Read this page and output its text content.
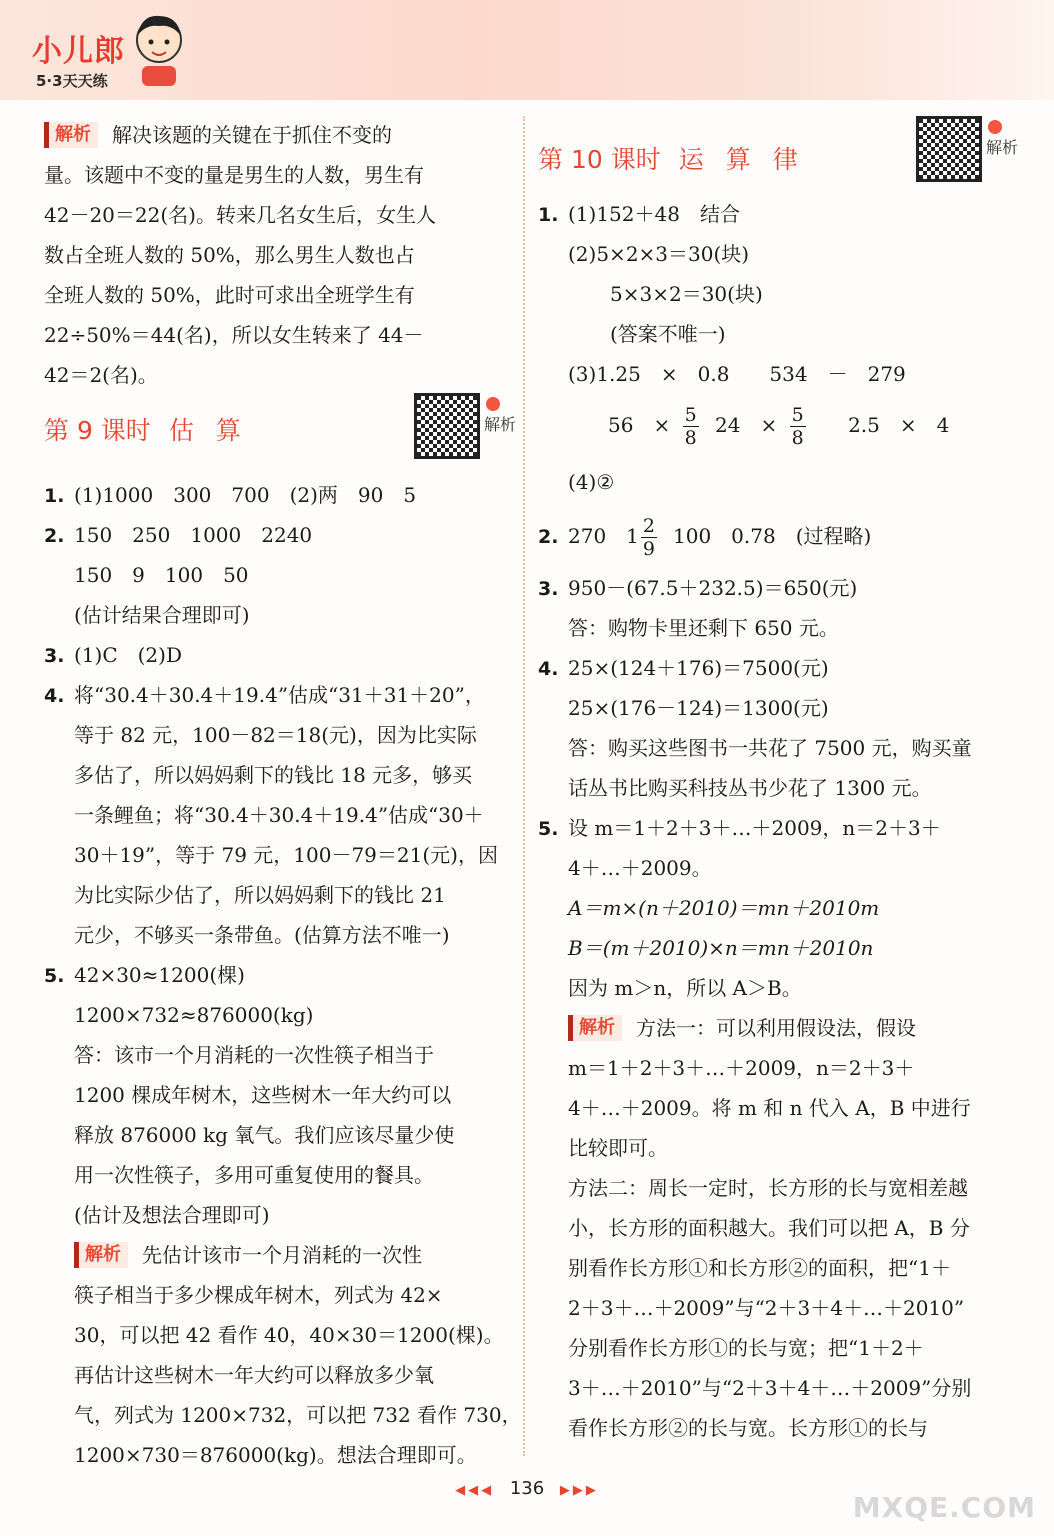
小儿郎
5·3天天练
解析 解决该题的关键在于抓住不变的
量。该题中不变的量是男生的人数，男生有
42－20＝22(名)。转来几名女生后，女生人
数占全班人数的 50%，那么男生人数也占
全班人数的 50%，此时可求出全班学生有
22÷50%＝44(名)，所以女生转来了 44－
42＝2(名)。
第 9 课时 估算	解析
1. (1)1000　300　700　(2)两　90　5
2. 150　250　1000　2240
150　9　100　50
(估计结果合理即可)
3. (1)C　(2)D
4. 将“30.4＋30.4＋19.4”估成“31＋31＋20”，
等于 82 元，100－82＝18(元)，因为比实际
多估了，所以妈妈剩下的钱比 18 元多，够买
一条鲤鱼；将“30.4＋30.4＋19.4”估成“30＋
30＋19”，等于 79 元，100－79＝21(元)，因
为比实际少估了，所以妈妈剩下的钱比 21
元少，不够买一条带鱼。(估算方法不唯一)
5. 42×30≈1200(棵)
1200×732≈876000(kg)
答：该市一个月消耗的一次性筷子相当于
1200 棵成年树木，这些树木一年大约可以
释放 876000 kg 氧气。我们应该尽量少使
用一次性筷子，多用可重复使用的餐具。
(估计及想法合理即可)
解析 先估计该市一个月消耗的一次性
筷子相当于多少棵成年树木，列式为 42×
30，可以把 42 看作 40，40×30＝1200(棵)。
再估计这些树木一年大约可以释放多少氧
气，列式为 1200×732，可以把 732 看作 730，
1200×730＝876000(kg)。想法合理即可。
第 10 课时 运算律	解析
1. (1)152＋48　结合
(2)5×2×3＝30(块)
5×3×2＝30(块)
(答案不唯一)
(3)1.25　×　0.8　　534　－　279
56　× $\frac{5}{8} 24$　× $\frac{5}{8} 2.5$　×　4
(4)②
2. 270　$1 \frac{2}{9} 100$　0.78　(过程略)
3. 950－(67.5＋232.5)＝650(元)
答：购物卡里还剩下 650 元。
4. 25×(124＋176)＝7500(元)
25×(176－124)＝1300(元)
答：购买这些图书一共花了 7500 元，购买童
话丛书比购买科技丛书少花了 1300 元。
5. 设 m＝1＋2＋3＋…＋2009，n＝2＋3＋
4＋…＋2009。
A＝m×(n＋2010)＝mn＋2010m
B＝(m＋2010)×n＝mn＋2010n
因为 m＞n，所以 A＞B。
解析 方法一：可以利用假设法，假设
m＝1＋2＋3＋…＋2009，n＝2＋3＋
4＋…＋2009。将 m 和 n 代入 A，B 中进行
比较即可。
方法二：周长一定时，长方形的长与宽相差越
小，长方形的面积越大。我们可以把 A，B 分
别看作长方形①和长方形②的面积，把“1＋
2＋3＋…＋2009”与“2＋3＋4＋…＋2010”
分别看作长方形①的长与宽；把“1＋2＋
3＋…＋2010”与“2＋3＋4＋…＋2009”分别
看作长方形②的长与宽。长方形①的长与
◀◀◀ 136 ▶▶▶
MXQE.COM
